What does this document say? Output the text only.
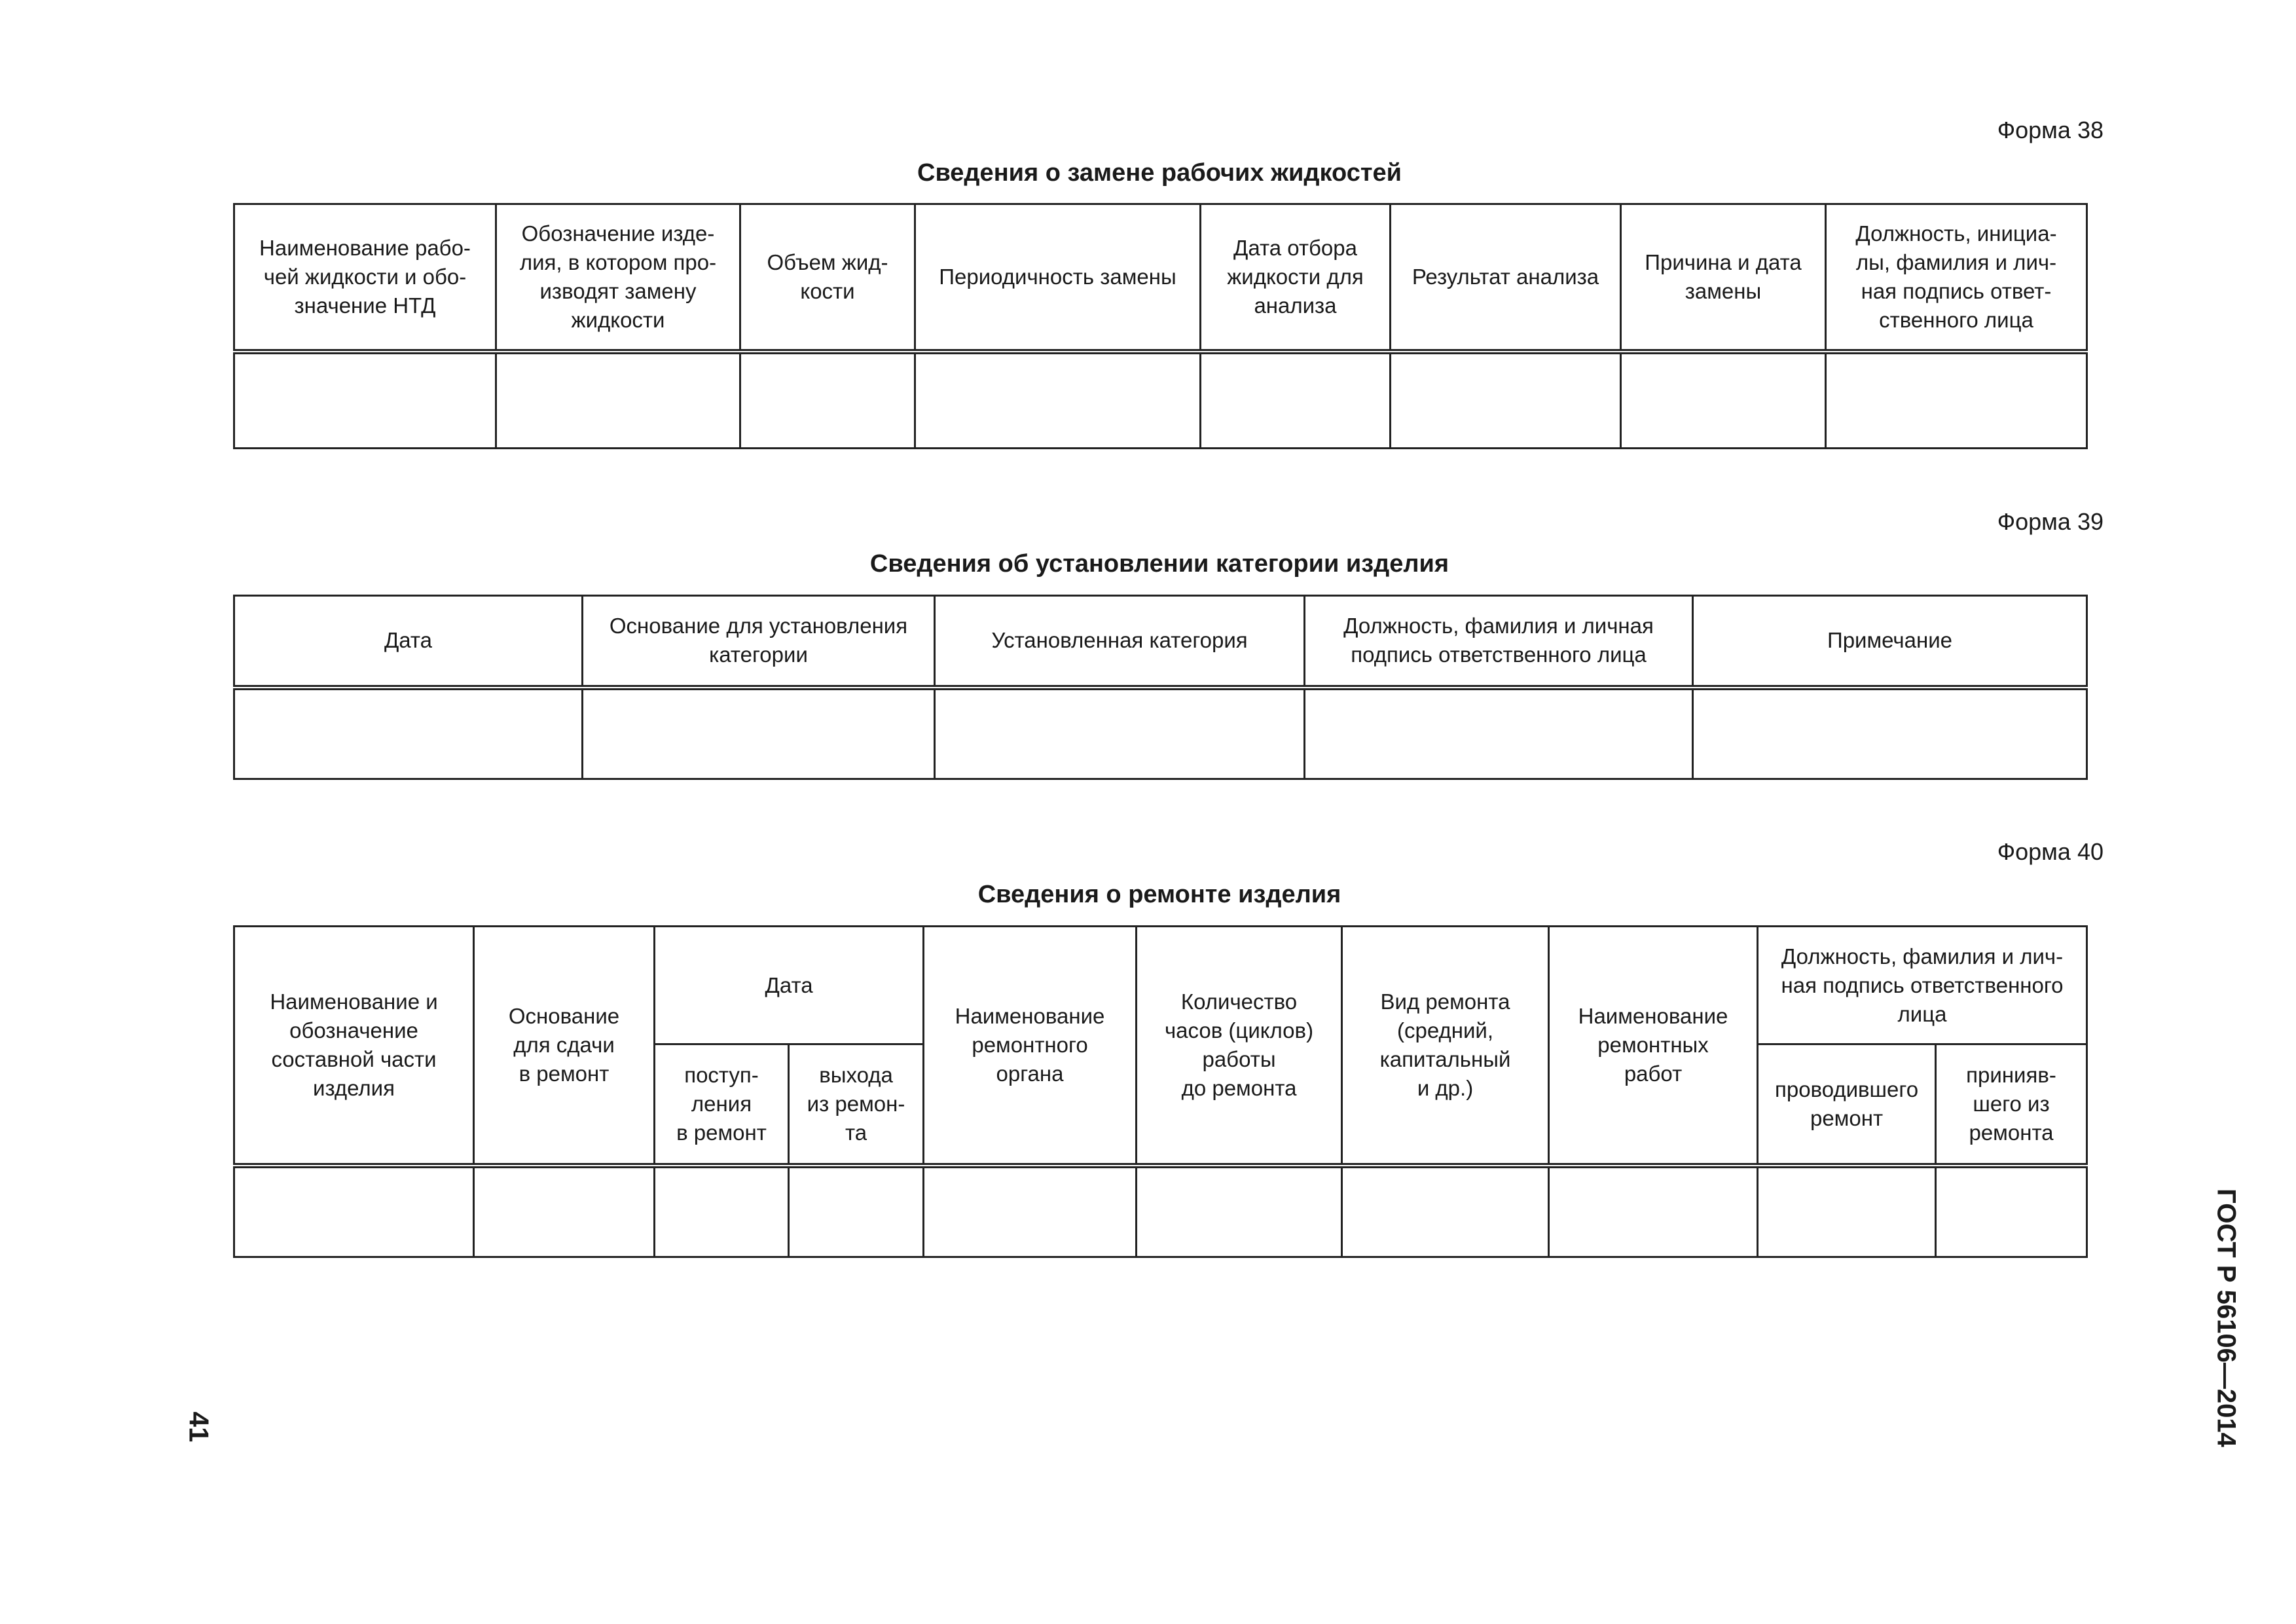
Форма 38
Сведения о замене рабочих жидкостей
Наименование рабо-
чей жидкости и обо-
значение НТД	Обозначение изде-
лия, в котором про-
изводят замену
жидкости	Объем жид-
кости	Периодичность замены	Дата отбора
жидкости для
анализа	Результат анализа	Причина и дата
замены	Должность, инициа-
лы, фамилия и лич-
ная подпись ответ-
ственного лица

Форма 39
Сведения об установлении категории изделия
Дата	Основание для установления
категории	Установленная категория	Должность, фамилия и личная
подпись ответственного лица	Примечание

Форма 40
Сведения о ремонте изделия
Наименование и
обозначение
составной части
изделия	Основание
для сдачи
в ремонт	Дата		Наименование
ремонтного
органа	Количество
часов (циклов)
работы
до ремонта	Вид ремонта
(средний,
капитальный
и др.)	Наименование
ремонтных
работ	Должность, фамилия и лич-
ная подпись ответственного
лица	
		поступ-
ления
в ремонт	выхода
из ремон-
та					проводившего
ремонт	принияв-
шего из
ремонта

ГОСТ Р 56106—2014
41
